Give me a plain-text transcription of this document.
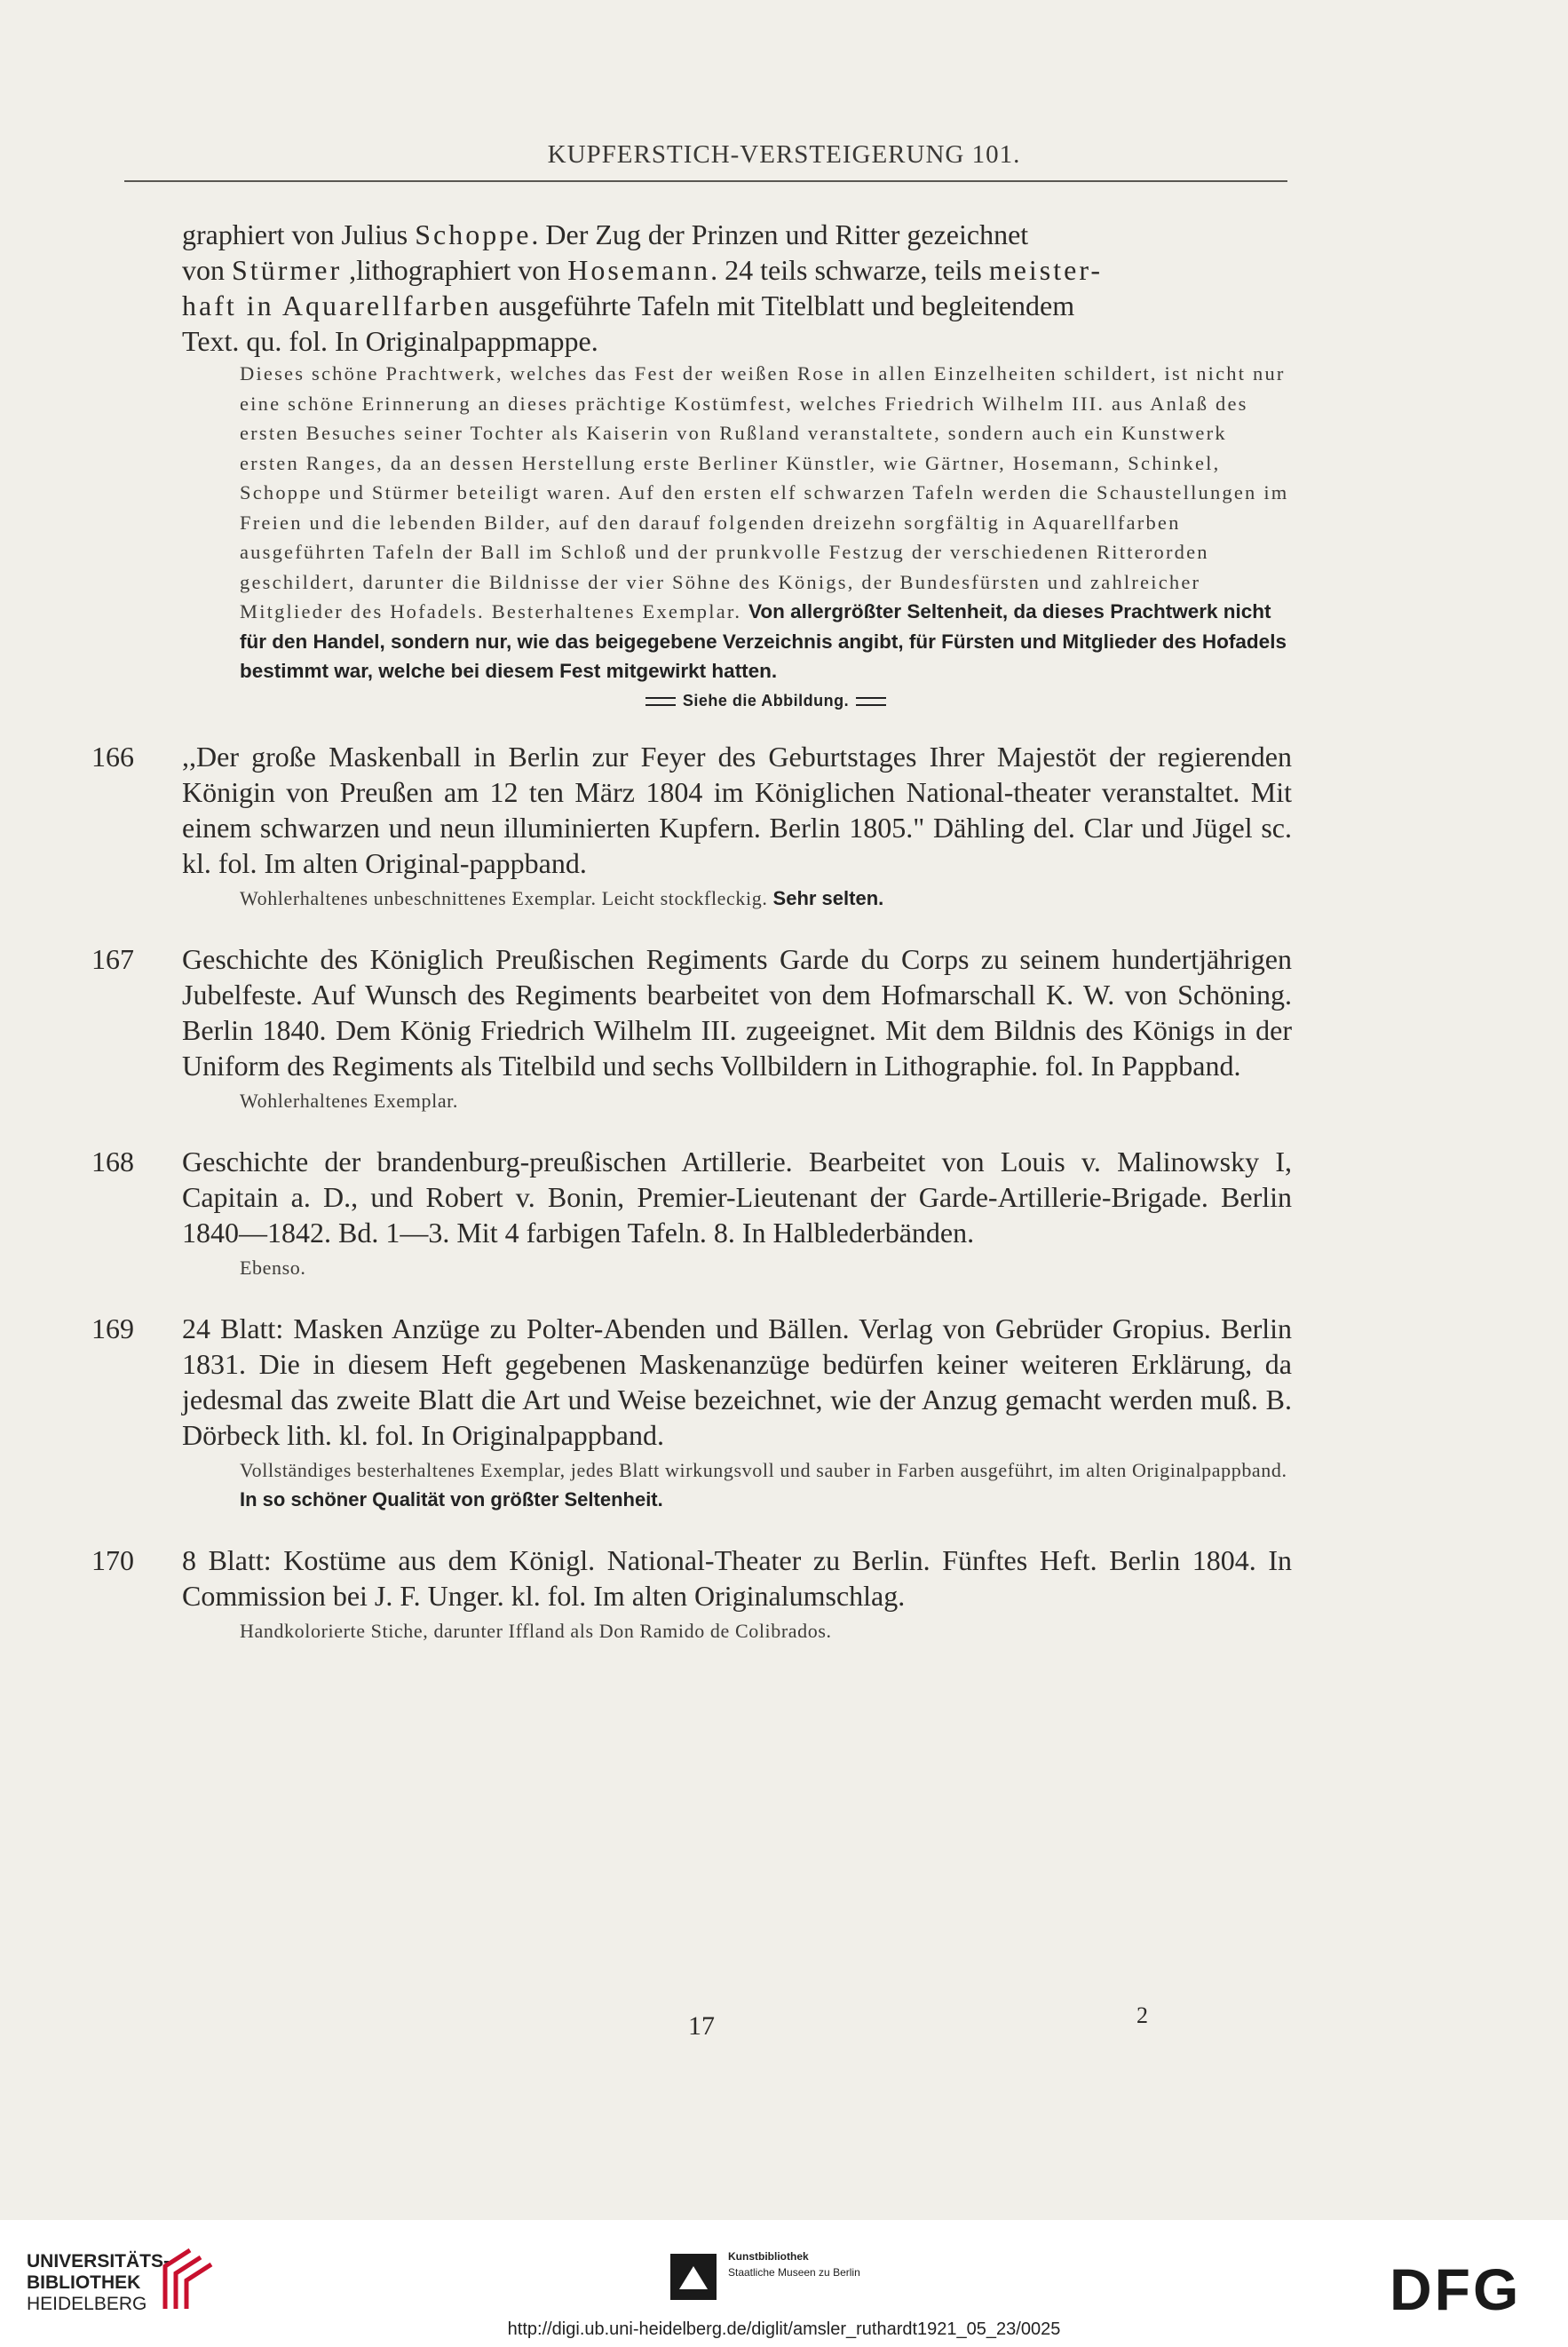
KUPFERSTICH-VERSTEIGERUNG 101.

graphiert von Julius Schoppe. Der Zug der Prinzen und Ritter gezeichnet

von Stürmer ,lithographiert von Hosemann. 24 teils schwarze, teils meister-

haft in Aquarellfarben ausgeführte Tafeln mit Titelblatt und begleitendem

Text. qu. fol. In Originalpappmappe.

Dieses schöne Prachtwerk, welches das Fest der weißen Rose in allen Einzelheiten schildert, ist nicht nur eine schöne Erinnerung an dieses prächtige Kostümfest, welches Friedrich Wilhelm III. aus Anlaß des ersten Besuches seiner Tochter als Kaiserin von Rußland veranstaltete, sondern auch ein Kunstwerk ersten Ranges, da an dessen Herstellung erste Berliner Künstler, wie Gärtner, Hosemann, Schinkel, Schoppe und Stürmer beteiligt waren. Auf den ersten elf schwarzen Tafeln werden die Schaustellungen im Freien und die lebenden Bilder, auf den darauf folgenden dreizehn sorgfältig in Aquarellfarben ausgeführten Tafeln der Ball im Schloß und der prunkvolle Festzug der verschiedenen Ritterorden geschildert, darunter die Bildnisse der vier Söhne des Königs, der Bundesfürsten und zahlreicher Mitglieder des Hofadels. Besterhaltenes Exemplar. Von allergrößter Seltenheit, da dieses Prachtwerk nicht für den Handel, sondern nur, wie das beigegebene Verzeichnis angibt, für Fürsten und Mitglieder des Hofadels bestimmt war, welche bei diesem Fest mitgewirkt hatten.
Siehe die Abbildung.
166 ,,Der große Maskenball in Berlin zur Feyer des Geburtstages Ihrer Majestöt der regierenden Königin von Preußen am 12 ten März 1804 im Königlichen National-theater veranstaltet. Mit einem schwarzen und neun illuminierten Kupfern. Berlin 1805." Dähling del. Clar und Jügel sc. kl. fol. Im alten Original-pappband.

Wohlerhaltenes unbeschnittenes Exemplar. Leicht stockfleckig. Sehr selten.
167 Geschichte des Königlich Preußischen Regiments Garde du Corps zu seinem hundertjährigen Jubelfeste. Auf Wunsch des Regiments bearbeitet von dem Hofmarschall K. W. von Schöning. Berlin 1840. Dem König Friedrich Wilhelm III. zugeeignet. Mit dem Bildnis des Königs in der Uniform des Regiments als Titelbild und sechs Vollbildern in Lithographie. fol. In Pappband.

Wohlerhaltenes Exemplar.
168 Geschichte der brandenburg-preußischen Artillerie. Bearbeitet von Louis v. Malinowsky I, Capitain a. D., und Robert v. Bonin, Premier-Lieutenant der Garde-Artillerie-Brigade. Berlin 1840—1842. Bd. 1—3. Mit 4 farbigen Tafeln. 8. In Halblederbänden.

Ebenso.
169 24 Blatt: Masken Anzüge zu Polter-Abenden und Bällen. Verlag von Gebrüder Gropius. Berlin 1831. Die in diesem Heft gegebenen Maskenanzüge bedürfen keiner weiteren Erklärung, da jedesmal das zweite Blatt die Art und Weise bezeichnet, wie der Anzug gemacht werden muß. B. Dörbeck lith. kl. fol. In Originalpappband.

Vollständiges besterhaltenes Exemplar, jedes Blatt wirkungsvoll und sauber in Farben ausgeführt, im alten Originalpappband. In so schöner Qualität von größter Seltenheit.
170 8 Blatt: Kostüme aus dem Königl. National-Theater zu Berlin. Fünftes Heft. Berlin 1804. In Commission bei J. F. Unger. kl. fol. Im alten Originalumschlag.

Handkolorierte Stiche, darunter Iffland als Don Ramido de Colibrados.
17	2
UNIVERSITÄTS-
BIBLIOTHEK
HEIDELBERG
Kunstbibliothek
Staatliche Museen zu Berlin	DFG
http://digi.ub.uni-heidelberg.de/diglit/amsler_ruthardt1921_05_23/0025
